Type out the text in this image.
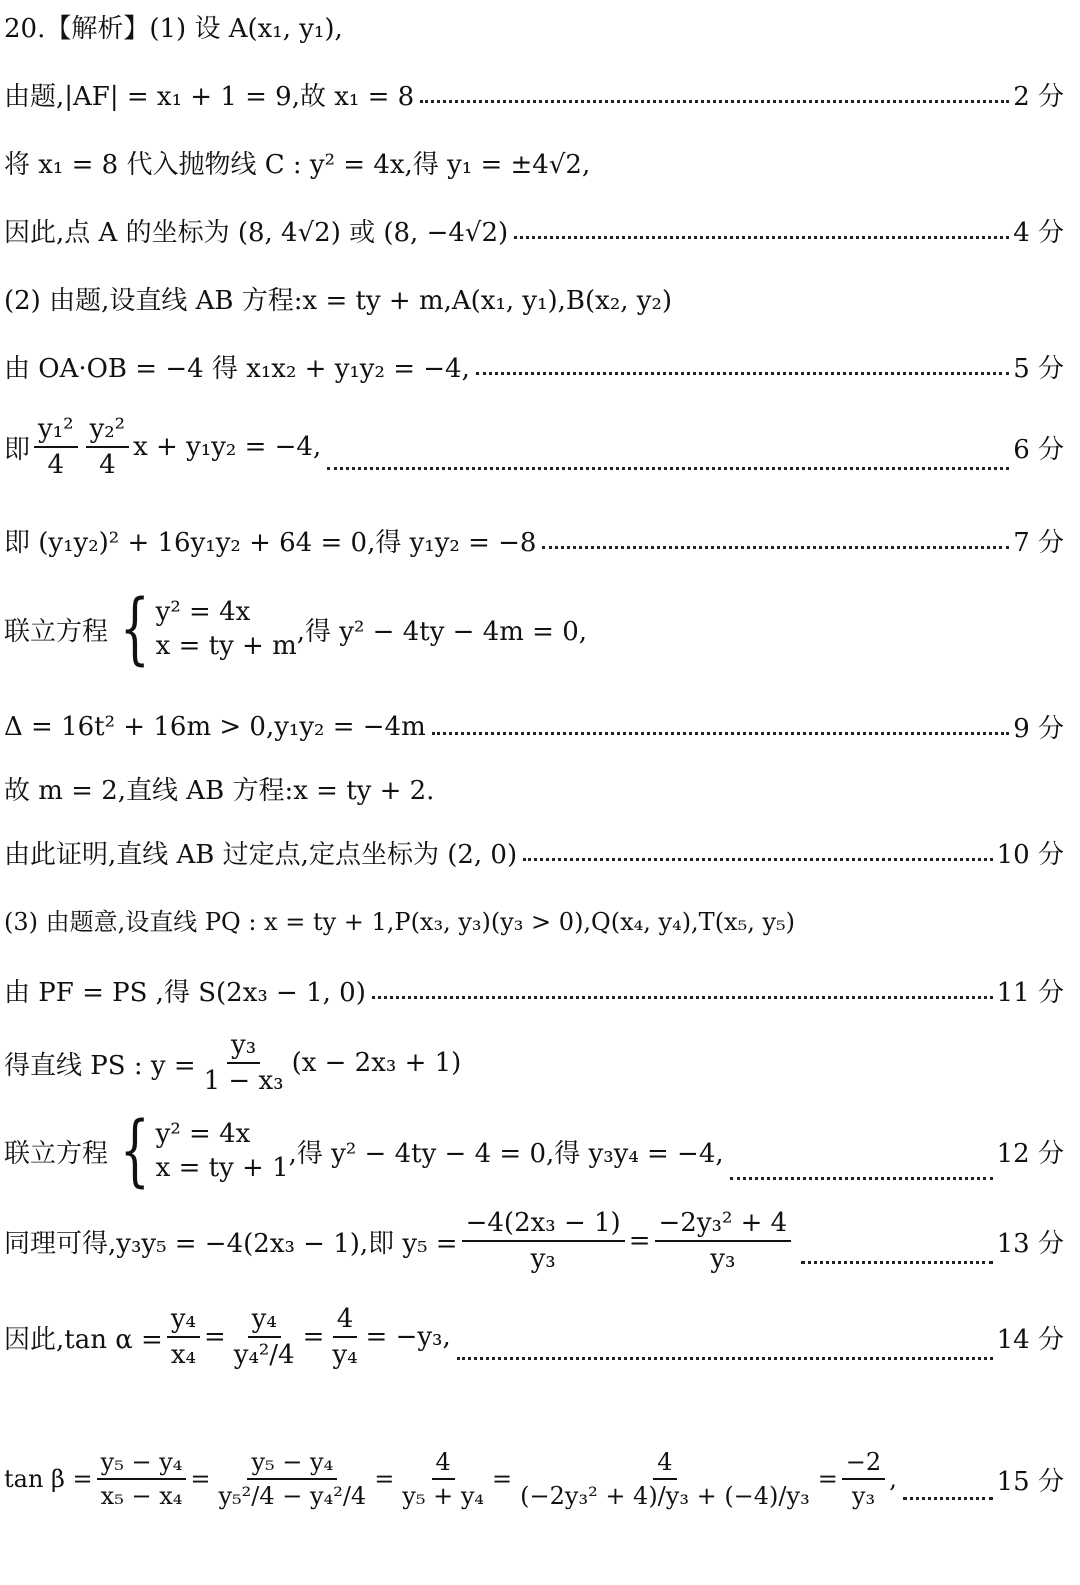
20.【解析】(1) 设 A(x₁, y₁),
由题,|AF| = x₁ + 1 = 9,故 x₁ = 8	2 分
将 x₁ = 8 代入抛物线 C : y² = 4x,得 y₁ = ±4√2,
因此,点 A 的坐标为 (8, 4√2) 或 (8, −4√2)	4 分
(2) 由题,设直线 AB 方程:x = ty + m,A(x₁, y₁),B(x₂, y₂)
由 OA·OB = −4 得 x₁x₂ + y₁y₂ = −4,	5 分
即 $\frac{\text{y₁²}}{4} \frac{\text{y₂²}}{4}$ x + y₁y₂ = −4,	6 分
即 (y₁y₂)² + 16y₁y₂ + 64 = 0,得 y₁y₂ = −8	7 分
联立方程 { y² = 4x
x = ty + m ,得 y² − 4ty − 4m = 0,
Δ = 16t² + 16m > 0,y₁y₂ = −4m	9 分
故 m = 2,直线 AB 方程:x = ty + 2.
由此证明,直线 AB 过定点,定点坐标为 (2, 0)	10 分
(3) 由题意,设直线 PQ : x = ty + 1,P(x₃, y₃)(y₃ > 0),Q(x₄, y₄),T(x₅, y₅)
由 PF = PS ,得 S(2x₃ − 1, 0)	11 分
得直线 PS : $y = \frac{\text{y₃}}{\text{1 − x₃}} (x - 2x_3 + 1)$
联立方程 { y² = 4x
x = ty + 1 ,得 y² − 4ty − 4 = 0,得 y₃y₄ = −4,	12 分
同理可得,y₃y₅ = −4(2x₃ − 1),即 $y_5 = \frac{\text{−4(2x₃ − 1)}}{\text{y₃}} = \frac{\text{−2y₃² + 4}}{\text{y₃}}$	13 分
因此,tan $\alpha = \frac{\text{y₄}}{\text{x₄}} = \frac{\text{y₄}}{\text{y₄²/4}} = \frac{4}{\text{y₄}} = -y_3$,	14 分
$\tan \beta = \frac{\text{y₅ − y₄}}{\text{x₅ − x₄}} = \frac{\text{y₅ − y₄}}{\text{y₅²/4 − y₄²/4}} = \frac{4}{\text{y₅ + y₄}} = \frac{4}{\text{(−2y₃² + 4)/y₃ + (−4)/y₃}} = \frac{-2}{\text{y₃}}$ ,	15 分
